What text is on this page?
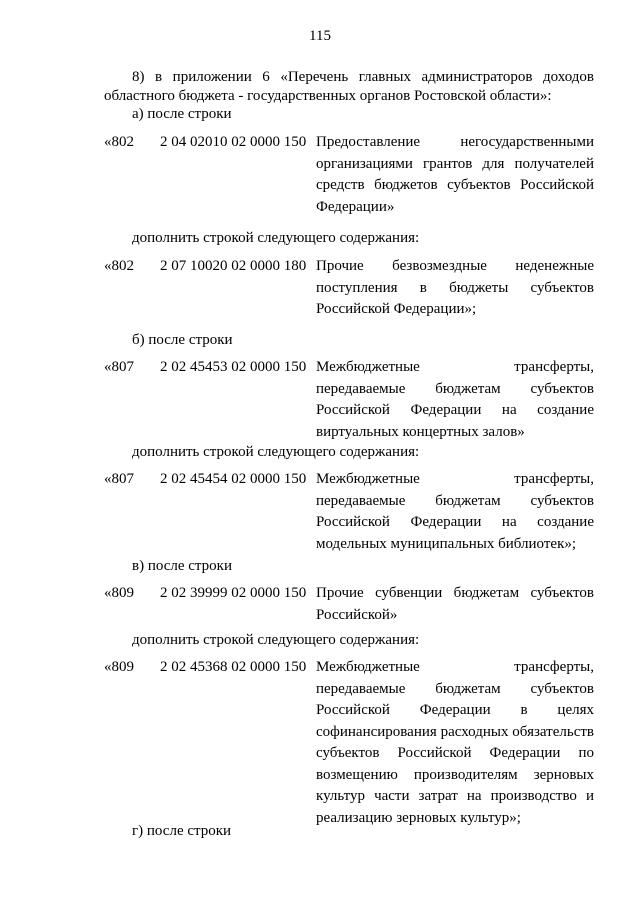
115
8) в приложении 6 «Перечень главных администраторов доходов областного бюджета - государственных органов Ростовской области»:
а) после строки
«802 2 04 02010 02 0000 150 Предоставление негосударственными организациями грантов для получателей средств бюджетов субъектов Российской Федерации»
дополнить строкой следующего содержания:
«802 2 07 10020 02 0000 180 Прочие безвозмездные неденежные поступления в бюджеты субъектов Российской Федерации»;
б) после строки
«807 2 02 45453 02 0000 150 Межбюджетные трансферты, передаваемые бюджетам субъектов Российской Федерации на создание виртуальных концертных залов»
дополнить строкой следующего содержания:
«807 2 02 45454 02 0000 150 Межбюджетные трансферты, передаваемые бюджетам субъектов Российской Федерации на создание модельных муниципальных библиотек»;
в) после строки
«809 2 02 39999 02 0000 150 Прочие субвенции бюджетам субъектов Российской»
дополнить строкой следующего содержания:
«809 2 02 45368 02 0000 150 Межбюджетные трансферты, передаваемые бюджетам субъектов Российской Федерации в целях софинансирования расходных обязательств субъектов Российской Федерации по возмещению производителям зерновых культур части затрат на производство и реализацию зерновых культур»;
г) после строки
